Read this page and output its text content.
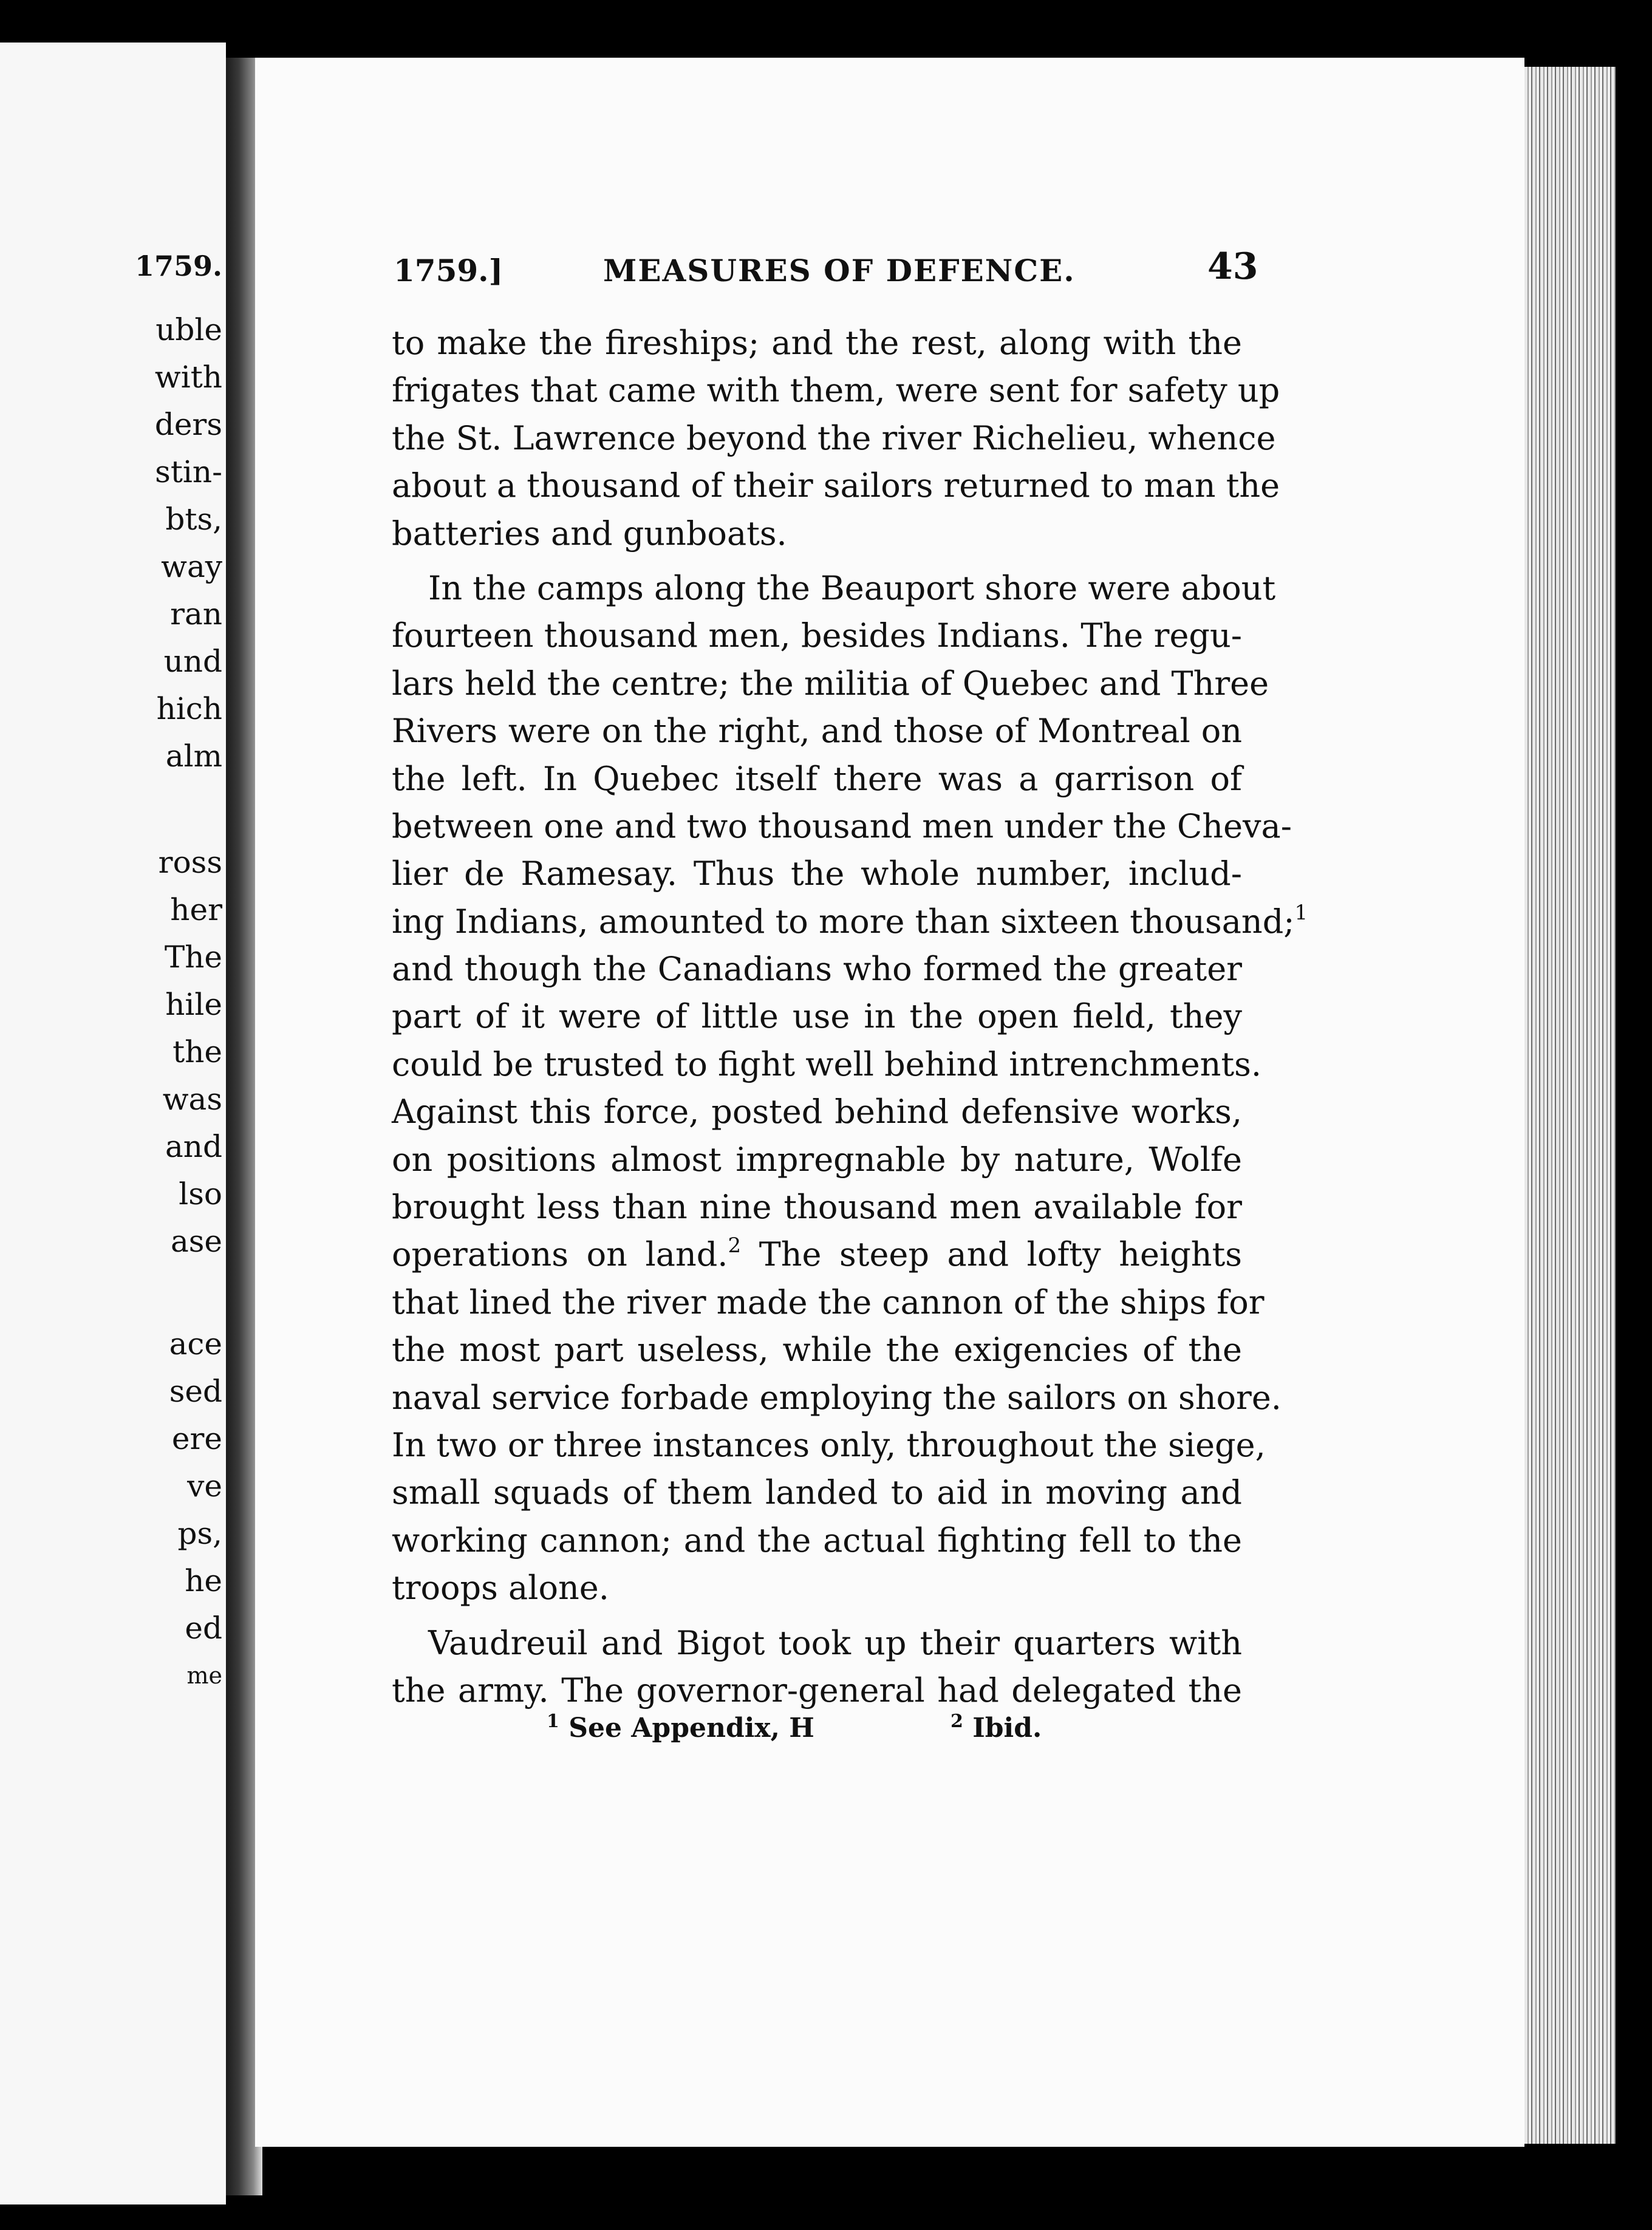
1759.
uble
with
ders
stin-
bts,
way
ran
und
hich
alm
ross
her
The
hile
the
was
and
lso
ase
ace
sed
ere
ve
ps,
he
ed
me
1759.]	MEASURES OF DEFENCE.	43
to make the fireships; and the rest, along with the
frigates that came with them, were sent for safety up
the St. Lawrence beyond the river Richelieu, whence
about a thousand of their sailors returned to man the
batteries and gunboats.
In the camps along the Beauport shore were about
fourteen thousand men, besides Indians. The regu-
lars held the centre; the militia of Quebec and Three
Rivers were on the right, and those of Montreal on
the left. In Quebec itself there was a garrison of
between one and two thousand men under the Cheva-
lier de Ramesay. Thus the whole number, includ-
ing Indians, amounted to more than sixteen thousand;$^1$
and though the Canadians who formed the greater
part of it were of little use in the open field, they
could be trusted to fight well behind intrenchments.
Against this force, posted behind defensive works,
on positions almost impregnable by nature, Wolfe
brought less than nine thousand men available for
operations on land.$^2$ The steep and lofty heights
that lined the river made the cannon of the ships for
the most part useless, while the exigencies of the
naval service forbade employing the sailors on shore.
In two or three instances only, throughout the siege,
small squads of them landed to aid in moving and
working cannon; and the actual fighting fell to the
troops alone.
Vaudreuil and Bigot took up their quarters with
the army. The governor-general had delegated the
$^1$ See Appendix, H	$^2$ Ibid.
